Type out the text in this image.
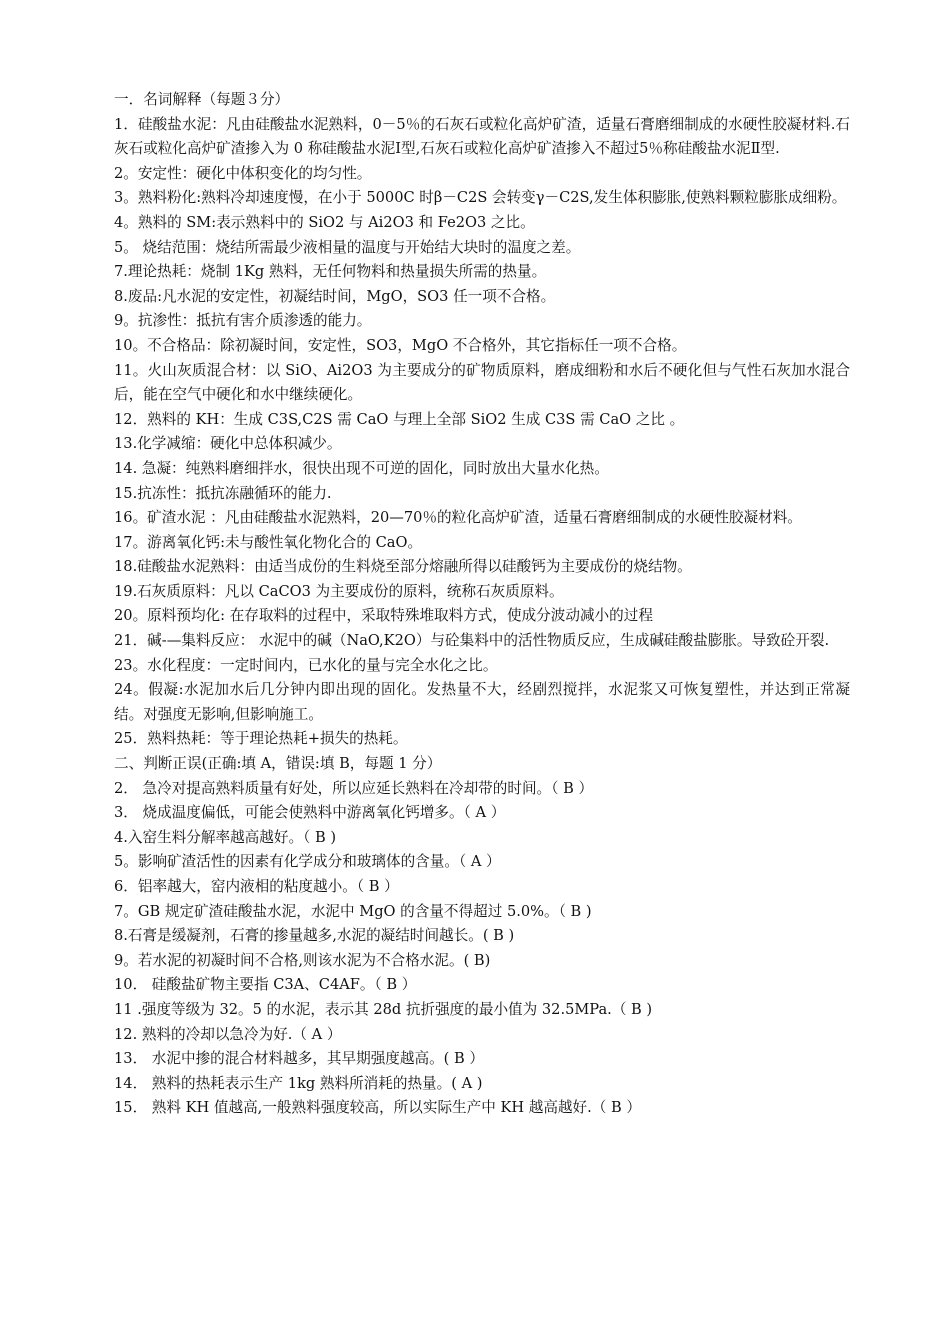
一．名词解释（每题３分）

1．硅酸盐水泥：凡由硅酸盐水泥熟料，0－5％的石灰石或粒化高炉矿渣，适量石膏磨细制成的水硬性胶凝材料.石灰石或粒化高炉矿渣掺入为 0 称硅酸盐水泥Ⅰ型,石灰石或粒化高炉矿渣掺入不超过5％称硅酸盐水泥Ⅱ型.

2。安定性：硬化中体积变化的均匀性。

3。熟料粉化:熟料冷却速度慢，在小于 5000C 时β－C2S 会转变γ－C2S,发生体积膨胀,使熟料颗粒膨胀成细粉。

4。熟料的 SM:表示熟料中的 SiO2 与 Ai2O3 和 Fe2O3 之比。

5。 烧结范围：烧结所需最少液相量的温度与开始结大块时的温度之差。

7.理论热耗：烧制 1Kg 熟料，无任何物料和热量损失所需的热量。

8.废品:凡水泥的安定性，初凝结时间，MgO，SO3 任一项不合格。

9。抗渗性：抵抗有害介质渗透的能力。

10。不合格品：除初凝时间，安定性，SO3，MgO 不合格外，其它指标任一项不合格。

11。火山灰质混合材：以 SiO、Ai2O3 为主要成分的矿物质原料，磨成细粉和水后不硬化但与气性石灰加水混合后，能在空气中硬化和水中继续硬化。

12．熟料的 KH：生成 C3S,C2S 需 CaO 与理上全部 SiO2 生成 C3S 需 CaO 之比 。

13.化学减缩：硬化中总体积减少。

14. 急凝：纯熟料磨细拌水，很快出现不可逆的固化，同时放出大量水化热。

15.抗冻性：抵抗冻融循环的能力.

16。矿渣水泥 ：凡由硅酸盐水泥熟料，20—70％的粒化高炉矿渣，适量石膏磨细制成的水硬性胶凝材料。

17。游离氧化钙:未与酸性氧化物化合的 CaO。

18.硅酸盐水泥熟料：由适当成份的生料烧至部分熔融所得以硅酸钙为主要成份的烧结物。

19.石灰质原料：凡以 CaCO3 为主要成份的原料，统称石灰质原料。

20。原料预均化: 在存取料的过程中，采取特殊堆取料方式，使成分波动减小的过程

21．碱-—集料反应： 水泥中的碱（NaO,K2O）与砼集料中的活性物质反应，生成碱硅酸盐膨胀。导致砼开裂.

23。水化程度：一定时间内，已水化的量与完全水化之比。

24。假凝:水泥加水后几分钟内即出现的固化。发热量不大，经剧烈搅拌，水泥浆又可恢复塑性，并达到正常凝结。对强度无影响,但影响施工。

25．熟料热耗：等于理论热耗+损失的热耗。

二、判断正误(正确:填 A，错误:填 B，每题 1 分）

2． 急冷对提高熟料质量有好处，所以应延长熟料在冷却带的时间。（ B ）

3． 烧成温度偏低，可能会使熟料中游离氧化钙增多。（ A ）

4.入窑生料分解率越高越好。（ B )

5。影响矿渣活性的因素有化学成分和玻璃体的含量。（ A ）

6．铝率越大，窑内液相的粘度越小。（ B ）

7。GB 规定矿渣硅酸盐水泥，水泥中 MgO 的含量不得超过 5.0%。（ B )

8.石膏是缓凝剂，石膏的掺量越多,水泥的凝结时间越长。( B )

9。若水泥的初凝时间不合格,则该水泥为不合格水泥。( B)

10． 硅酸盐矿物主要指 C3A、C4AF。（ B ）

11 .强度等级为 32。5 的水泥，表示其 28d 抗折强度的最小值为 32.5MPa.（ B )

12. 熟料的冷却以急冷为好.（ A ）

13． 水泥中掺的混合材料越多，其早期强度越高。( B ）

14． 熟料的热耗表示生产 1kg 熟料所消耗的热量。( A )

15． 熟料 KH 值越高,一般熟料强度较高，所以实际生产中 KH 越高越好.（ B ）
